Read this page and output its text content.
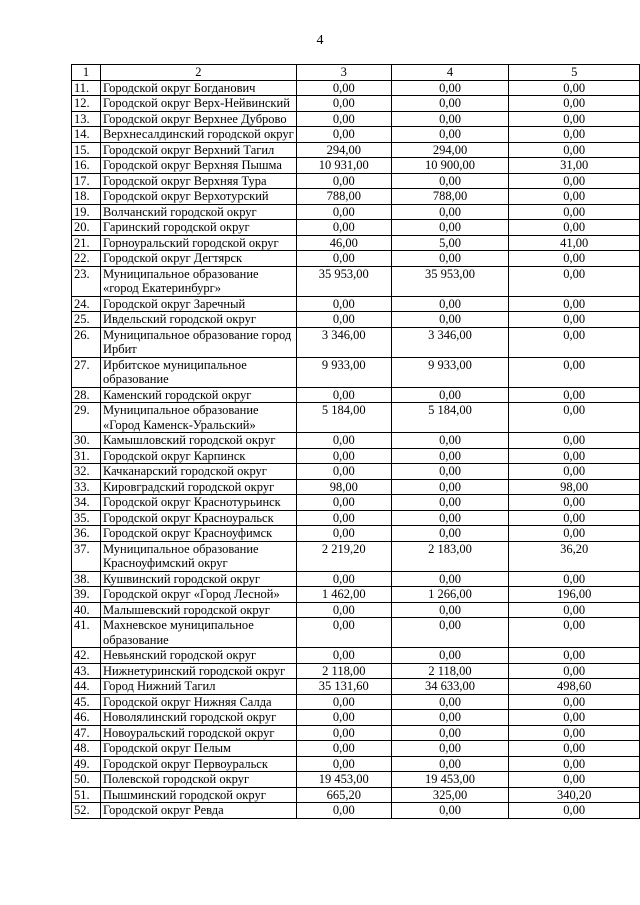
4
1	2	3	4	5
11.	Городской округ Богданович	0,00	0,00	0,00
12.	Городской округ Верх-Нейвинский	0,00	0,00	0,00
13.	Городской округ Верхнее Дуброво	0,00	0,00	0,00
14.	Верхнесалдинский городской округ	0,00	0,00	0,00
15.	Городской округ Верхний Тагил	294,00	294,00	0,00
16.	Городской округ Верхняя Пышма	10 931,00	10 900,00	31,00
17.	Городской округ Верхняя Тура	0,00	0,00	0,00
18.	Городской округ Верхотурский	788,00	788,00	0,00
19.	Волчанский городской округ	0,00	0,00	0,00
20.	Гаринский городской округ	0,00	0,00	0,00
21.	Горноуральский городской округ	46,00	5,00	41,00
22.	Городской округ Дегтярск	0,00	0,00	0,00
23.	Муниципальное образование «город Екатеринбург»	35 953,00	35 953,00	0,00
24.	Городской округ Заречный	0,00	0,00	0,00
25.	Ивдельский городской округ	0,00	0,00	0,00
26.	Муниципальное образование город Ирбит	3 346,00	3 346,00	0,00
27.	Ирбитское муниципальное образование	9 933,00	9 933,00	0,00
28.	Каменский городской округ	0,00	0,00	0,00
29.	Муниципальное образование «Город Каменск-Уральский»	5 184,00	5 184,00	0,00
30.	Камышловский городской округ	0,00	0,00	0,00
31.	Городской округ Карпинск	0,00	0,00	0,00
32.	Качканарский городской округ	0,00	0,00	0,00
33.	Кировградский городской округ	98,00	0,00	98,00
34.	Городской округ Краснотурьинск	0,00	0,00	0,00
35.	Городской округ Красноуральск	0,00	0,00	0,00
36.	Городской округ Красноуфимск	0,00	0,00	0,00
37.	Муниципальное образование Красноуфимский округ	2 219,20	2 183,00	36,20
38.	Кушвинский городской округ	0,00	0,00	0,00
39.	Городской округ «Город Лесной»	1 462,00	1 266,00	196,00
40.	Малышевский городской округ	0,00	0,00	0,00
41.	Махневское муниципальное образование	0,00	0,00	0,00
42.	Невьянский городской округ	0,00	0,00	0,00
43.	Нижнетуринский городской округ	2 118,00	2 118,00	0,00
44.	Город Нижний Тагил	35 131,60	34 633,00	498,60
45.	Городской округ Нижняя Салда	0,00	0,00	0,00
46.	Новолялинский городской округ	0,00	0,00	0,00
47.	Новоуральский городской округ	0,00	0,00	0,00
48.	Городской округ Пелым	0,00	0,00	0,00
49.	Городской округ Первоуральск	0,00	0,00	0,00
50.	Полевской городской округ	19 453,00	19 453,00	0,00
51.	Пышминский городской округ	665,20	325,00	340,20
52.	Городской округ Ревда	0,00	0,00	0,00
